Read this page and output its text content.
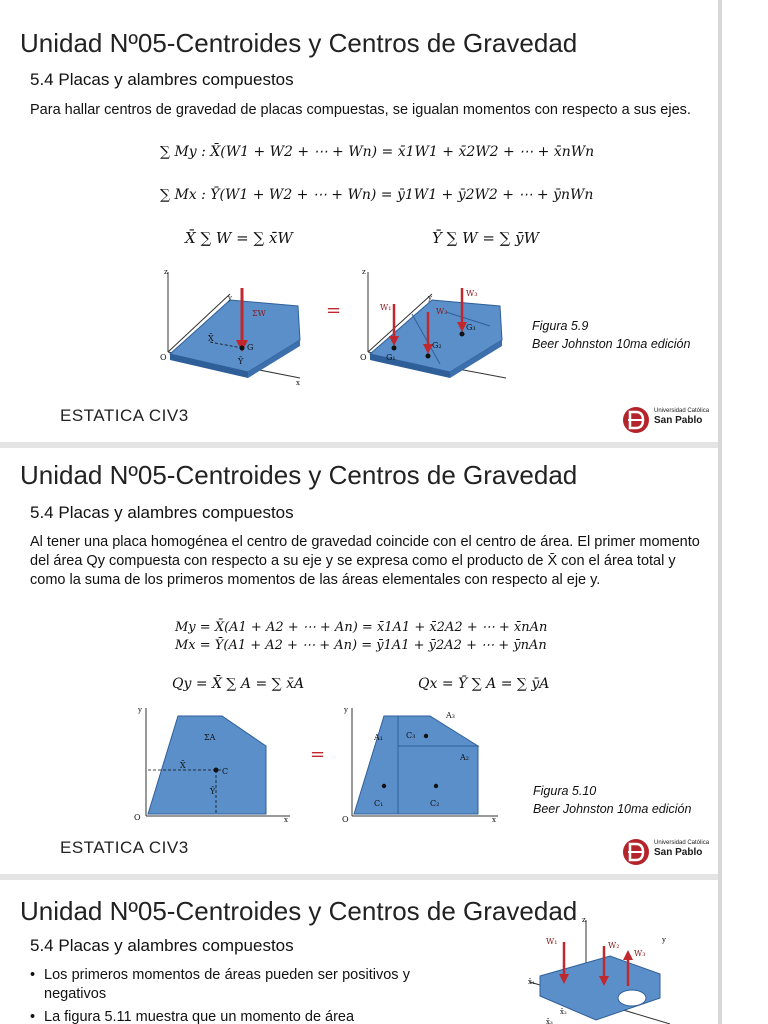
Unidad Nº05-Centroides y Centros de Gravedad
5.4 Placas y alambres compuestos
Para hallar centros de gravedad de placas compuestas, se igualan momentos con respecto a sus ejes.
∑ My : X̄(W1 + W2 + ⋯ + Wn) = x̄1W1 + x̄2W2 + ⋯ + x̄nWn
∑ Mx : Ȳ(W1 + W2 + ⋯ + Wn) = ȳ1W1 + ȳ2W2 + ⋯ + ȳnWn
X̄ ∑ W = ∑ x̄W	Ȳ ∑ W = ∑ ȳW
ΣW
G
X̄
Ȳ
O
z
y
x
=	W₁	W₂
W₃
G₁
G₂
G₃
z
y
O
Figura 5.9
Beer Johnston 10ma edición
ESTATICA CIV3	Universidad Católica
San Pablo
Unidad Nº05-Centroides y Centros de Gravedad
5.4 Placas y alambres compuestos
Al tener una placa homogénea el centro de gravedad coincide con el centro de área. El primer momento del área Qy compuesta con respecto a su eje y se expresa como el producto de X̄ con el área total y como la suma de los primeros momentos de las áreas elementales con respecto al eje y.
My = X̄(A1 + A2 + ⋯ + An) = x̄1A1 + x̄2A2 + ⋯ + x̄nAn
Mx = Ȳ(A1 + A2 + ⋯ + An) = ȳ1A1 + ȳ2A2 + ⋯ + ȳnAn
Qy = X̄ ∑ A = ∑ x̄A	Qx = Ȳ ∑ A = ∑ ȳA
ΣA
C
X̄
Ȳ
y
O	x
=
C₁	C₂
C₃
A₁
A₂
A₃
y
O	x
Figura 5.10
Beer Johnston 10ma edición
ESTATICA CIV3	Universidad Católica
San Pablo
Unidad Nº05-Centroides y Centros de Gravedad
5.4 Placas y alambres compuestos
• Los primeros momentos de áreas pueden ser positivos y negativos
• La figura 5.11 muestra que un momento de área
W₁	W₂
W₃
x̄₁
x̄₂
x̄₃
y
z
